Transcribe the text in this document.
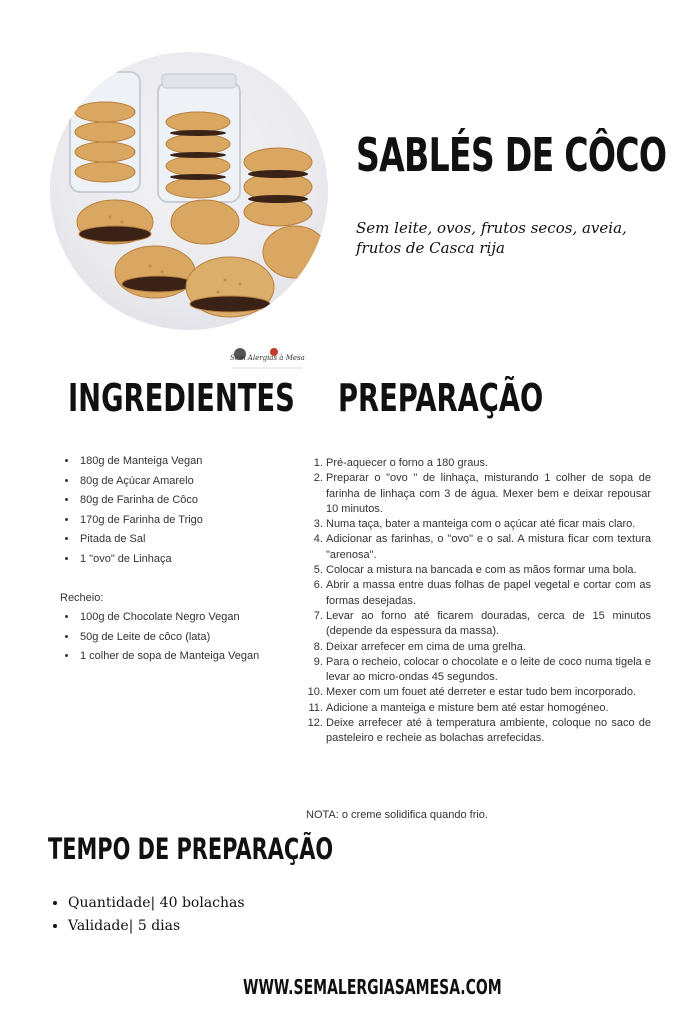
SABLÉS DE CÔCO
Sem leite, ovos, frutos secos, aveia, frutos de Casca rija
Sem Alergias à Mesa
INGREDIENTES PREPARAÇÃO
• 180g de Manteiga Vegan
• 80g de Açúcar Amarelo
• 80g de Farinha de Côco
• 170g de Farinha de Trigo
• Pitada de Sal
• 1 "ovo" de Linhaça
Recheio:
• 100g de Chocolate Negro Vegan
• 50g de Leite de côco (lata)
• 1 colher de sopa de Manteiga Vegan
1. Pré-aquecer o forno a 180 graus.
2. Preparar o "ovo " de linhaça, misturando 1 colher de sopa de farinha de linhaça com 3 de água. Mexer bem e deixar repousar 10 minutos.
3. Numa taça, bater a manteiga com o açúcar até ficar mais claro.
4. Adicionar as farinhas, o "ovo" e o sal. A mistura ficar com textura "arenosa".
5. Colocar a mistura na bancada e com as mãos formar uma bola.
6. Abrir a massa entre duas folhas de papel vegetal e cortar com as formas desejadas.
7. Levar ao forno até ficarem douradas, cerca de 15 minutos (depende da espessura da massa).
8. Deixar arrefecer em cima de uma grelha.
9. Para o recheio, colocar o chocolate e o leite de coco numa tigela e levar ao micro-ondas 45 segundos.
10. Mexer com um fouet até derreter e estar tudo bem incorporado.
11. Adicione a manteiga e misture bem até estar homogéneo.
12. Deixe arrefecer até à temperatura ambiente, coloque no saco de pasteleiro e recheie as bolachas arrefecidas.
NOTA: o creme solidifica quando frio.
TEMPO DE PREPARAÇÃO
• Quantidade| 40 bolachas
• Validade| 5 dias
WWW.SEMALERGIASAMESA.COM
